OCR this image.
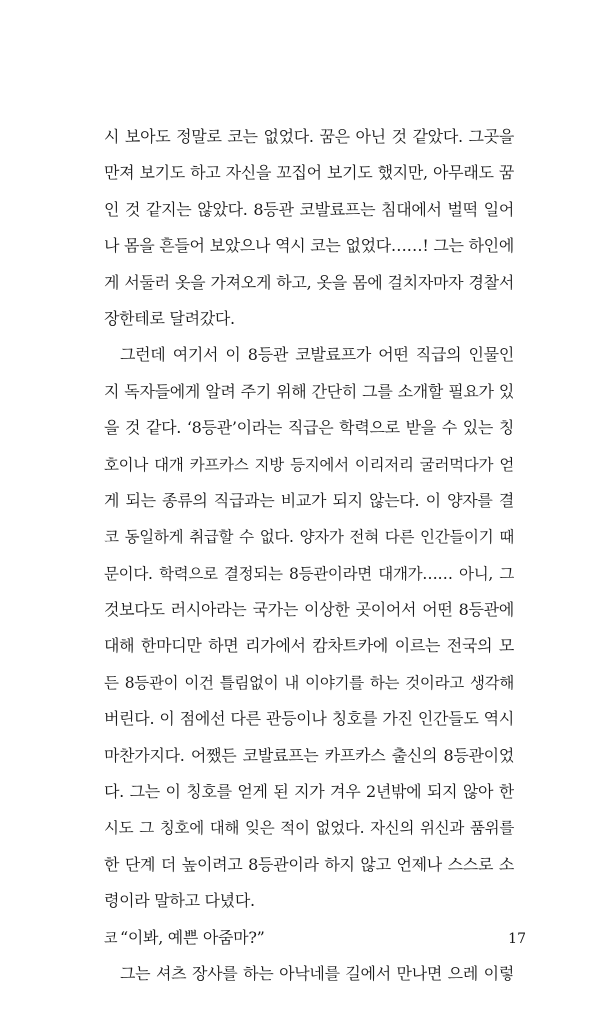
시 보아도 정말로 코는 없었다. 꿈은 아닌 것 같았다. 그곳을
만져 보기도 하고 자신을 꼬집어 보기도 했지만, 아무래도 꿈
인 것 같지는 않았다. 8등관 코발료프는 침대에서 벌떡 일어
나 몸을 흔들어 보았으나 역시 코는 없었다……! 그는 하인에
게 서둘러 옷을 가져오게 하고, 옷을 몸에 걸치자마자 경찰서
장한테로 달려갔다.
그런데 여기서 이 8등관 코발료프가 어떤 직급의 인물인
지 독자들에게 알려 주기 위해 간단히 그를 소개할 필요가 있
을 것 같다. ‘8등관’이라는 직급은 학력으로 받을 수 있는 칭
호이나 대개 카프카스 지방 등지에서 이리저리 굴러먹다가 얻
게 되는 종류의 직급과는 비교가 되지 않는다. 이 양자를 결
코 동일하게 취급할 수 없다. 양자가 전혀 다른 인간들이기 때
문이다. 학력으로 결정되는 8등관이라면 대개가…… 아니, 그
것보다도 러시아라는 국가는 이상한 곳이어서 어떤 8등관에
대해 한마디만 하면 리가에서 캄차트카에 이르는 전국의 모
든 8등관이 이건 틀림없이 내 이야기를 하는 것이라고 생각해
버린다. 이 점에선 다른 관등이나 칭호를 가진 인간들도 역시
마찬가지다. 어쨌든 코발료프는 카프카스 출신의 8등관이었
다. 그는 이 칭호를 얻게 된 지가 겨우 2년밖에 되지 않아 한
시도 그 칭호에 대해 잊은 적이 없었다. 자신의 위신과 품위를
한 단계 더 높이려고 8등관이라 하지 않고 언제나 스스로 소
령이라 말하고 다녔다.
“이봐, 예쁜 아줌마?”
그는 셔츠 장사를 하는 아낙네를 길에서 만나면 으레 이렇
코	17
